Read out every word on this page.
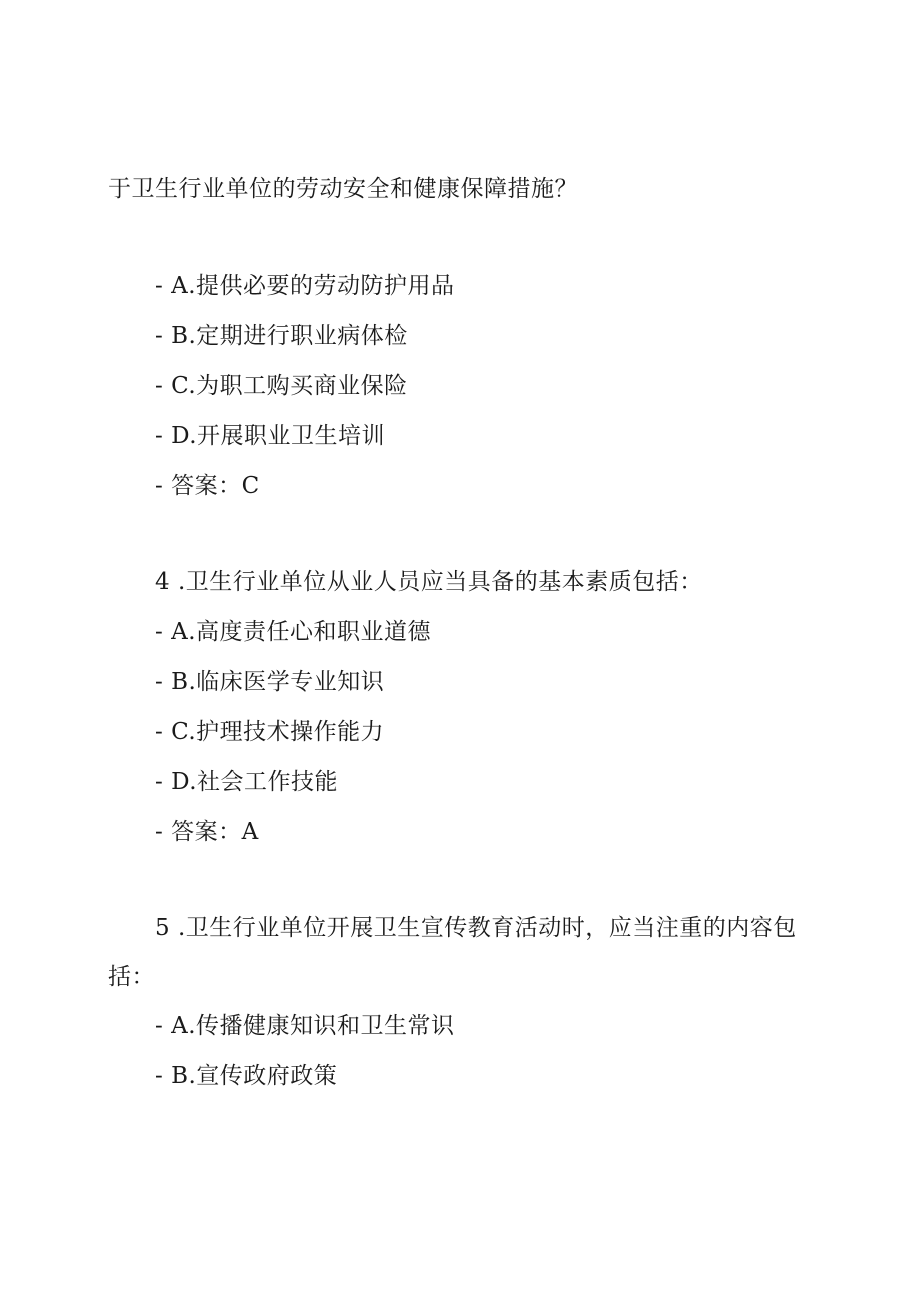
于卫生行业单位的劳动安全和健康保障措施？
- A.提供必要的劳动防护用品
- B.定期进行职业病体检
- C.为职工购买商业保险
- D.开展职业卫生培训
- 答案：C
4 .卫生行业单位从业人员应当具备的基本素质包括：
- A.高度责任心和职业道德
- B.临床医学专业知识
- C.护理技术操作能力
- D.社会工作技能
- 答案：A
5 .卫生行业单位开展卫生宣传教育活动时，应当注重的内容包
括：
- A.传播健康知识和卫生常识
- B.宣传政府政策
